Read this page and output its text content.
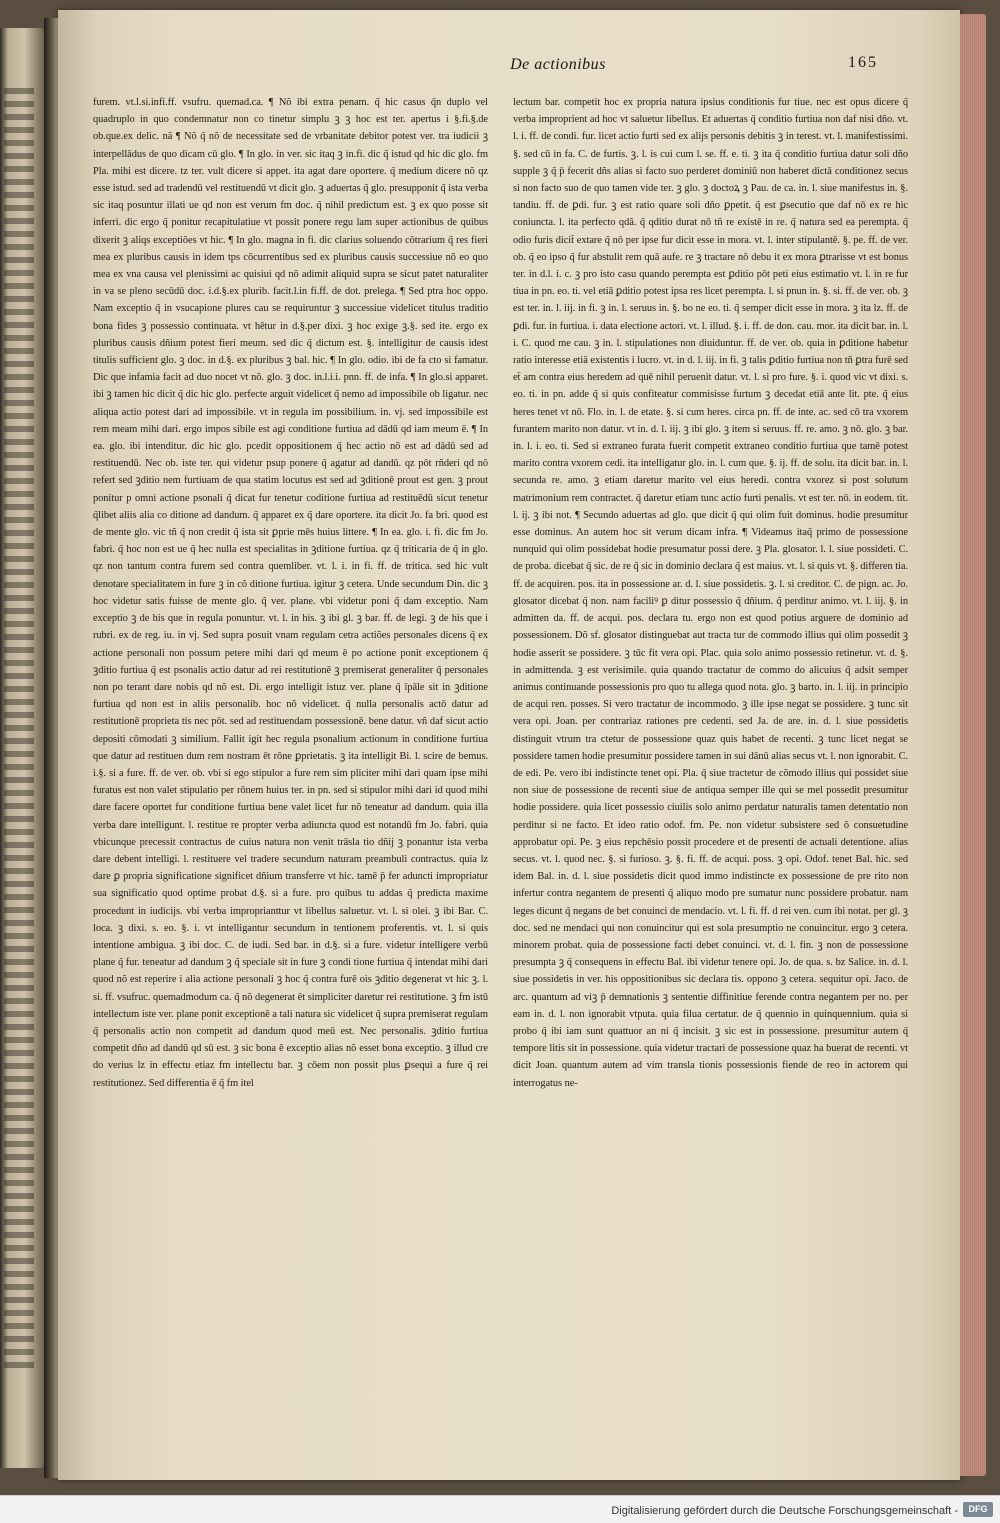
De actionibus	165

furem. vt.l.si.infi.ff. vsufru. quemad.ca. ¶ Nõ ibi extra penam. q̃ hic casus q̃n duplo vel quadruplo in quo condemnatur non co tinetur simplu ꝫ ꝫ hoc est ter. apertus i §.fi.§.de ob.que.ex delic. nã ¶ Nõ q̃ nõ de necessitate sed de vrbanitate debitor potest ver. tra iudicii ꝫ interpellādus de quo dicam cū glo. ¶ In glo. in ver. sic itaq ꝫ in.fi. dic q̃ istud qd hic dic glo. fm Pla. mihi est dicere. tz ter. vult dicere si appet. ita agat dare oportere. q̃ medium dicere nõ qz esse istud. sed ad tradendū vel restituendū vt dicit glo. ꝫ aduertas q̃ glo. presupponit q̃ ista verba sic itaq posuntur illati ue qd non est verum fm doc. q̃ nihil predictum est. ꝫ ex quo posse sit inferri. dic ergo q̃ ponitur recapitulatiue vt possit ponere regu lam super actionibus de quibus dixerit ꝫ aliqs exceptiões vt hic. ¶ In glo. magna in fi. dic clarius soluendo cõtrarium q̃ res fieri mea ex pluribus causis in idem tps cõcurrentibus sed ex pluribus causis successiue nõ eo quo mea ex vna causa vel plenissimi ac quisiui qd nõ adimit aliquid supra se sicut patet naturaliter in va se pleno secūdū doc. i.d.§.ex plurib. facit.l.in fi.ff. de dot. prelega. ¶ Sed ptra hoc oppo. Nam exceptio q̃ in vsucapione plures cau se requiruntur ꝫ successiue videlicet titulus traditio bona fides ꝫ possessio continuata. vt hētur in d.§.per dixi. ꝫ hoc exige ꝫ.§. sed ite. ergo ex pluribus causis dñium potest fieri meum. sed dic q̃ dictum est. §. intelligitur de causis idest titulis sufficient glo. ꝫ doc. in d.§. ex pluribus ꝫ bal. hic. ¶ In glo. odio. ibi de fa cto si famatur. Dic que infamia facit ad duo nocet vt nõ. glo. ꝫ doc. in.l.i.i. pnn. ff. de infa. ¶ In glo.si apparet. ibi ꝫ tamen hic dicit q̃ dic hic glo. perfecte arguit videlicet q̃ nemo ad impossibile ob ligatur. nec aliqua actio potest dari ad impossibile. vt in regula im possibilium. in. vj. sed impossibile est rem meam mihi dari. ergo impos sibile est agi conditione furtiua ad dādū qd iam meum ē. ¶ In ea. glo. ibi intenditur. dic hic glo. pcedit oppositionem q̃ hec actio nõ est ad dādū sed ad restituendū. Nec ob. iste ter. qui videtur psup ponere q̃ agatur ad dandū. qz pôt rñderi qd nõ refert sed ꝫditio nem furtiuam de qua statim locutus est sed ad ꝫditionē prout est gen. ꝫ prout ponitur p omni actione psonali q̃ dicat fur tenetur coditione furtiua ad restituēdū sicut tenetur q̃libet aliis alia co ditione ad dandum. q̃ apparet ex q̃ dare oportere. ita dicit Jo. fa bri. quod est de mente glo. vic tñ q̃ non credit q̃ ista sit ꝑprie mēs huius littere. ¶ In ea. glo. i. fi. dic fm Jo. fabri. q̃ hoc non est ue q̃ hec nulla est specialitas in ꝫditione furtiua. qz q̃ triticaria de q̃ in glo. qz non tantum contra furem sed contra quemliber. vt. l. i. in fi. ff. de tritica. sed hic vult denotare specialitatem in fure ꝫ in cõ ditione furtiua. igitur ꝫ cetera. Unde secundum Din. dic ꝫ hoc videtur satis fuisse de mente glo. q̃ ver. plane. vbi videtur poni q̃ dam exceptio. Nam exceptio ꝫ de his que in regula ponuntur. vt. l. in his. ꝫ ibi gl. ꝫ bar. ff. de legi. ꝫ de his que i rubri. ex de reg. iu. in vj. Sed supra posuit vnam regulam cetra actiões personales dicens q̃ ex actione personali non possum petere mihi dari qd meum ē po actione ponit exceptionem q̃ ꝫditio furtiua q̃ est psonalis actio datur ad rei restitutionē ꝫ premiserat generaliter q̃ personales non po terant dare nobis qd nõ est. Di. ergo intelligit istuz ver. plane q̃ īpāle sit in ꝫditione furtiua qd non est in aliis personalib. hoc nõ videlicet. q̃ nulla personalis actō datur ad restitutionē proprieta tis nec pōt. sed ad restituendam possessionē. bene datur. vñ daf sicut actio depositi cōmodati ꝫ similium. Fallit igit hec regula psonalium actionum in conditione furtiua que datur ad restituen dum rem nostram ēt rōne ꝑprietatis. ꝫ ita intelligit Bi. l. scire de bemus. i.§. si a fure. ff. de ver. ob. vbi si ego stipulor a fure rem sim pliciter mihi dari quam ipse mihi furatus est non valet stipulatio per rōnem huius ter. in pn. sed si stipulor mihi dari id quod mihi dare facere oportet fur conditione furtiua bene valet licet fur nõ teneatur ad dandum. quia illa verba dare intelligunt. l. restitue re propter verba adiuncta quod est notandū fm Jo. fabri. quia vbicunque precessit contractus de cuius natura non venit trāsla tio dñij ꝫ ponantur ista verba dare debent intelligi. l. restituere vel tradere secundum naturam preambuli contractus. quia lz dare ꝑ propria significatione significet dñium transferre vt hic. tamē p̄ fer aduncti impropriatur sua significatio quod optime probat d.§. si a fure. pro quibus tu addas q̃ predicta maxime procedunt in iudicijs. vbi verba improprianttur vt libellus saluetur. vt. l. si olei. ꝫ ibi Bar. C. loca. ꝫ dixi. s. eo. §. i. vt intelligantur secundum in tentionem proferentis. vt. l. si quis intentione ambigua. ꝫ ibi doc. C. de iudi. Sed bar. in d.§. si a fure. videtur intelligere verbū plane q̃ fur. teneatur ad dandum ꝫ q̃ speciale sit in fure ꝫ condi tione furtiua q̃ intendat mihi dari quod nõ est reperire i alia actione personali ꝫ hoc q̃ contra furē ois ꝫditio degenerat vt hic ꝫ. l. si. ff. vsufruc. quemadmodum ca. q̃ nõ degenerat ēt simpliciter daretur rei restitutione. ꝫ fm istū intellectum iste ver. plane ponit exceptionē a tali natura sic videlicet q̃ supra premiserat regulam q̃ personalis actio non competit ad dandum quod meū est. Nec personalis. ꝫditio furtiua competit dño ad dandū qd sū est. ꝫ sic bona ē exceptio alias nõ esset bona exceptio. ꝫ illud cre do verius lz in effectu etiaz fm intellectu bar. ꝫ cōem non possit plus ꝑsequi a fure q̃ rei restitutionez. Sed differentia ē q̃ fm itel

lectum bar. competit hoc ex propria natura ipsius conditionis fur tiue. nec est opus dicere q̃ verba improprient ad hoc vt saluetur libellus. Et aduertas q̃ conditio furtiua non daf nisi dño. vt. l. i. ff. de condi. fur. licet actio furti sed ex alijs personis debitis ꝫ in terest. vt. l. manifestissimi. §. sed cū in fa. C. de furtis. ꝫ. l. is cui cum l. se. ff. e. ti. ꝫ ita q̃ conditio furtiua datur soli dño supple ꝫ q̃ p̄ fecerit dñs alias si facto suo perderet dominiū non haberet dictā conditionez secus si non facto suo de quo tamen vide ter. ꝫ glo. ꝫ doctoꝝ ꝫ Pau. de ca. in. l. siue manifestus in. §. tandiu. ff. de ꝑdi. fur. ꝫ est ratio quare soli dño ꝑpetit. q̃ est ꝑsecutio que daf nō ex re hic coniuncta. l. ita perfecto qdã. q̃ qditio durat nō tñ re existē in re. q̃ natura sed ea perempta. q̃ odio furis dicit̄ extare q̃ nō per ipse fur dicit esse in mora. vt. l. inter stipulantē. §. pe. ff. de ver. ob. q̃ eo ipso q̃ fur abstulit rem quā aufe. re ꝫ tractare nō debu it ex mora ꝑtrarisse vt est bonus ter. in d.l. i. c. ꝫ pro isto casu quando perempta est ꝑditio pōt peti eius estimatio vt. l. in re fur tiua in pn. eo. ti. vel etiā ꝑditio potest ipsa res licet perempta. l. si pnun in. §. si. ff. de ver. ob. ꝫ est ter. in. l. iij. in fi. ꝫ in. l. seruus in. §. bo ne eo. ti. q̃ semper dicit esse in mora. ꝫ ita lz. ff. de ꝑdi. fur. in furtiua. i. data electione actori. vt. l. illud. §. i. ff. de don. cau. mor. ita dicit bar. in. l. i. C. quod me cau. ꝫ in. l. stipulationes non diuiduntur. ff. de ver. ob. quia in ꝑditione habetur ratio interesse etiā existentis i lucro. vt. in d. l. iij. in fi. ꝫ talis ꝑditio furtiua non tñ ꝑtra furē sed et̄ am contra eius heredem ad quē nihil peruenit datur. vt. l. si pro fure. §. i. quod vic vt dixi. s. eo. ti. in pn. adde q̃ si quis confiteatur commisisse furtum ꝫ decedat etiā ante lit. pte. q̃ eius heres tenet vt nō. Flo. in. l. de etate. §. si cum heres. circa pn. ff. de inte. ac. sed cō tra vxorem furantem marito non datur. vt in. d. l. iij. ꝫ ibi glo. ꝫ item si seruus. ff. re. amo. ꝫ nō. glo. ꝫ bar. in. l. i. eo. ti. Sed si extraneo furata fuerit competit extraneo conditio furtiua que tamē potest marito contra vxorem cedi. ita intelligatur glo. in. l. cum que. §. ij. ff. de solu. ita dicit bar. in. l. secunda re. amo. ꝫ etiam daretur marito vel eius heredi. contra vxorez si post solutum matrimonium rem contractet. q̃ daretur etiam tunc actio furti penalis. vt est ter. nō. in eodem. tit. l. ij. ꝫ ibi not. ¶ Secundo aduertas ad glo. que dicit q̃ qui olim fuit dominus. hodie presumitur esse dominus. An autem hoc sit verum dicam infra. ¶ Videamus itaq̃ primo de possessione nunquid qui olim possidebat hodie presumatur possi dere. ꝫ Pla. glosator. l. l. siue possideti. C. de proba. dicebat q̃ sic. de re q̃ sic in dominio declara q̃ est maius. vt. l. si quis vt. §. differen tia. ff. de acquiren. pos. ita in possessione ar. d. l. siue possidetis. ꝫ. l. si creditor. C. de pign. ac. Jo. glosator dicebat q̃ non. nam faciliꝰ ꝑ ditur possessio q̃ dñium. q̃ perditur animo. vt. l. iij. §. in admitten da. ff. de acqui. pos. declara tu. ergo non est quod potius arguere de dominio ad possessionem. Dõ sf. glosator distinguebat aut tracta tur de commodo illius qui olim possedit ꝫ hodie asserit se possidere. ꝫ tūc fit vera opi. Plac. quia solo animo possessio retinetur. vt. d. §. in admittenda. ꝫ est verisimile. quia quando tractatur de commo do alicuius q̃ adsit semper animus continuande possessionis pro quo tu allega quod nota. glo. ꝫ barto. in. l. iij. in principio de acqui ren. posses. Si vero tractatur de incommodo. ꝫ ille ipse negat se possidere. ꝫ tunc sit vera opi. Joan. per contrariaz rationes pre cedenti. sed Ja. de are. in. d. l. siue possidetis distinguit vtrum tra ctetur de possessione quaz quis habet de recenti. ꝫ tunc licet negat se possidere tamen hodie presumitur possidere tamen in sui dānū alias secus vt. l. non ignorabit. C. de edi. Pe. vero ibi indistincte tenet opi. Pla. q̃ siue tractetur de cõmodo illius qui possidet siue non siue de possessione de recenti siue de antiqua semper ille qui se mel possedit presumitur hodie possidere. quia licet possessio ciuilis solo animo perdatur naturalis tamen detentatio non perditur si ne facto. Et ideo ratio odof. fm. Pe. non videtur subsistere sed õ consuetudine approbatur opi. Pe. ꝫ eius repchēsio possit procedere et de presenti de actuali detentione. alias secus. vt. l. quod nec. §. si furioso. ꝫ. §. fi. ff. de acqui. poss. ꝫ opi. Odof. tenet Bal. hic. sed idem Bal. in. d. l. siue possidetis dicit quod immo indistincte ex possessione de pre rito non infertur contra negantem de presenti q̃ aliquo modo pre sumatur nunc possidere probatur. nam leges dicunt q̃ negans de bet conuinci de mendacio. vt. l. fi. ff. d rei ven. cum ibi notat. per gl. ꝫ doc. sed ne mendaci qui non conuincitur qui est sola presumptio ne conuincitur. ergo ꝫ cetera. minorem probat. quia de possessione facti debet conuinci. vt. d. l. fin. ꝫ non de possessione presumpta ꝫ q̃ consequens in effectu Bal. ibi videtur tenere opi. Jo. de qua. s. bz Salice. in. d. l. siue possidetis in ver. his oppositionibus sic declara tis. oppono ꝫ cetera. sequitur opi. Jaco. de arc. quantum ad viꝫ p̄ demnationis ꝫ sententie diffinitiue ferende contra negantem per no. per eam in. d. l. non ignorabit vtputa. quia filua certatur. de q̃ quennio in quinquennium. quia si probo q̃ ibi iam sunt quattuor an ni q̃ incisit. ꝫ sic est in possessione. presumitur autem q̃ tempore litis sit in possessione. quia videtur tractari de possessione quaz ha buerat de recenti. vt dicit Joan. quantum autem ad vim transla tionis possessionis fiende de reo in actorem qui interrogatus ne-

Digitalisierung gefördert durch die Deutsche Forschungsgemeinschaft -	DFG
